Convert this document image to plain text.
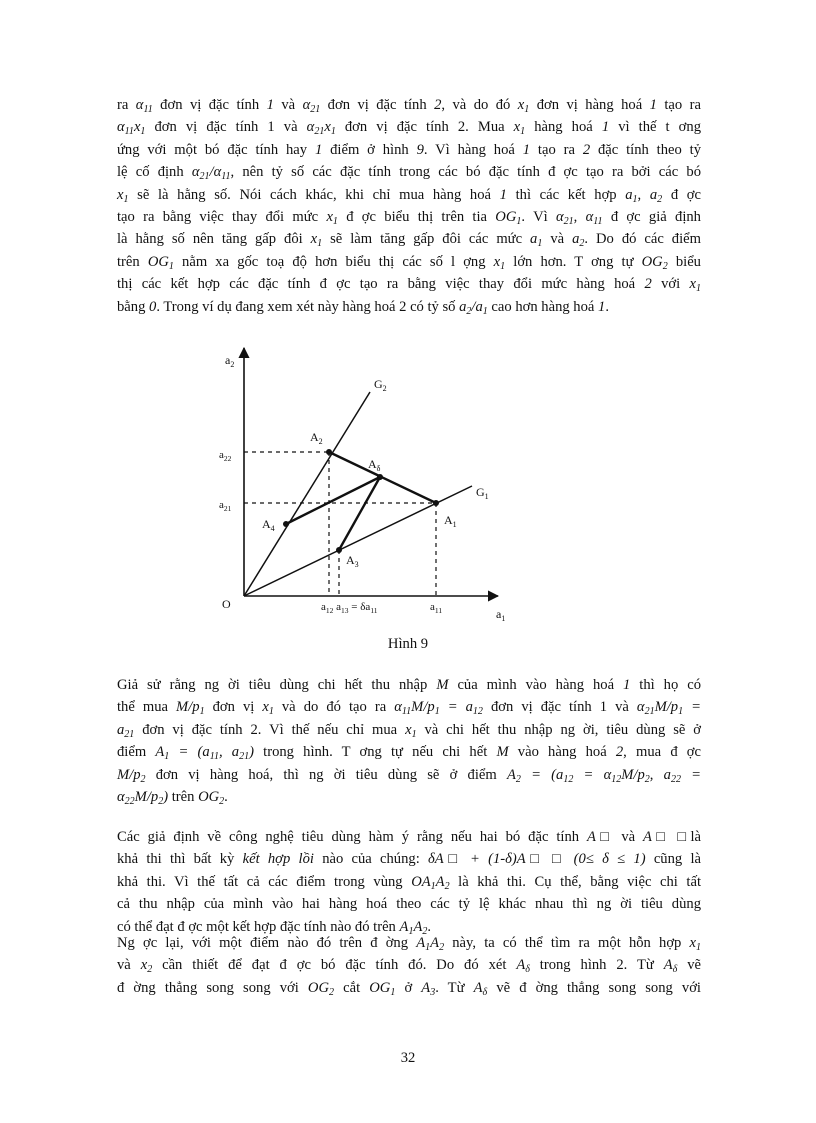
ra $\alpha_{11}$ đơn vị đặc tính 1 và $\alpha_{21}$ đơn vị đặc tính 2, và do đó $x_1$ đơn vị hàng hoá 1 tạo ra
$\alpha_{11}x_1$ đơn vị đặc tính 1 và $\alpha_{21}x_1$ đơn vị đặc tính 2. Mua $x_1$ hàng hoá 1 vì thế t ơng
ứng với một bó đặc tính hay 1 điểm ở hình 9. Vì hàng hoá 1 tạo ra 2 đặc tính theo tỷ
lệ cố định $\alpha_{21}/\alpha_{11}$, nên tỷ số các đặc tính trong các bó đặc tính đ ợc tạo ra bởi các bó
$x_1$ sẽ là hằng số. Nói cách khác, khi chỉ mua hàng hoá 1 thì các kết hợp $a_1$, $a_2$ đ ợc
tạo ra bằng việc thay đổi mức $x_1$ đ ợc biểu thị trên tia $OG_1$. Vì $\alpha_{21}$, $\alpha_{11}$ đ ợc giả định
là hằng số nên tăng gấp đôi $x_1$ sẽ làm tăng gấp đôi các mức $a_1$ và $a_2$. Do đó các điểm
trên $OG_1$ nằm xa gốc toạ độ hơn biểu thị các số l ợng $x_1$ lớn hơn. T ơng tự $OG_2$ biểu
thị các kết hợp các đặc tính đ ợc tạo ra bằng việc thay đổi mức hàng hoá 2 với $x_1$
bằng 0. Trong ví dụ đang xem xét này hàng hoá 2 có tỷ số $a_2/a_1$ cao hơn hàng hoá 1.

$a_2$
$a_1$
O
$G_2$
$G_1$
$A_2$
$A_\delta$
$A_1$
$A_4$
$A_3$
$a_{22}$
$a_{21}$
$a_{12}$ $a_{13} = \delta a_{11}$	$a_{11}$
Hình 9

Giả sử rằng ng ời tiêu dùng chi hết thu nhập M của mình vào hàng hoá 1 thì họ có
thể mua $M/p_1$ đơn vị $x_1$ và do đó tạo ra $\alpha_{11}M/p_1 = a_{12}$ đơn vị đặc tính 1 và $\alpha_{21}M/p_1$ =
$a_{21}$ đơn vị đặc tính 2. Vì thế nếu chỉ mua $x_1$ và chi hết thu nhập ng ời, tiêu dùng sẽ ở
điểm $A_1 = (a_{11}$, $a_{21}$) trong hình. T ơng tự nếu chi hết M vào hàng hoá 2, mua đ ợc
$M/p_2$ đơn vị hàng hoá, thì ng ời tiêu dùng sẽ ở điểm $A_2 = (a_{12} = \alpha_{12}M/p_2$, $a_{22}$ =
$\alpha_{22}M/p_2$) trên $OG_2$.

Các giả định về công nghệ tiêu dùng hàm ý rằng nếu hai bó đặc tính A□ và A□ □là
khả thi thì bất kỳ kết hợp lồi nào của chúng: δA□ + (1-δ)A□ □ (0≤ δ ≤ 1) cũng là
khả thi. Vì thế tất cả các điểm trong vùng $OA_1A_2$ là khả thi. Cụ thể, bằng việc chi tất
cả thu nhập của mình vào hai hàng hoá theo các tỷ lệ khác nhau thì ng ời tiêu dùng
có thể đạt đ ợc một kết hợp đặc tính nào đó trên $A_1A_2$.

Ng ợc lại, với một điểm nào đó trên đ ờng $A_1A_2$ này, ta có thể tìm ra một hỗn hợp $x_1$
và $x_2$ cần thiết để đạt đ ợc bó đặc tính đó. Do đó xét $A_\delta$ trong hình 2. Từ $A_\delta$ vẽ
đ ờng thẳng song song với $OG_2$ cắt $OG_1$ ở $A_3$. Từ $A_\delta$ vẽ đ ờng thẳng song song với

32
